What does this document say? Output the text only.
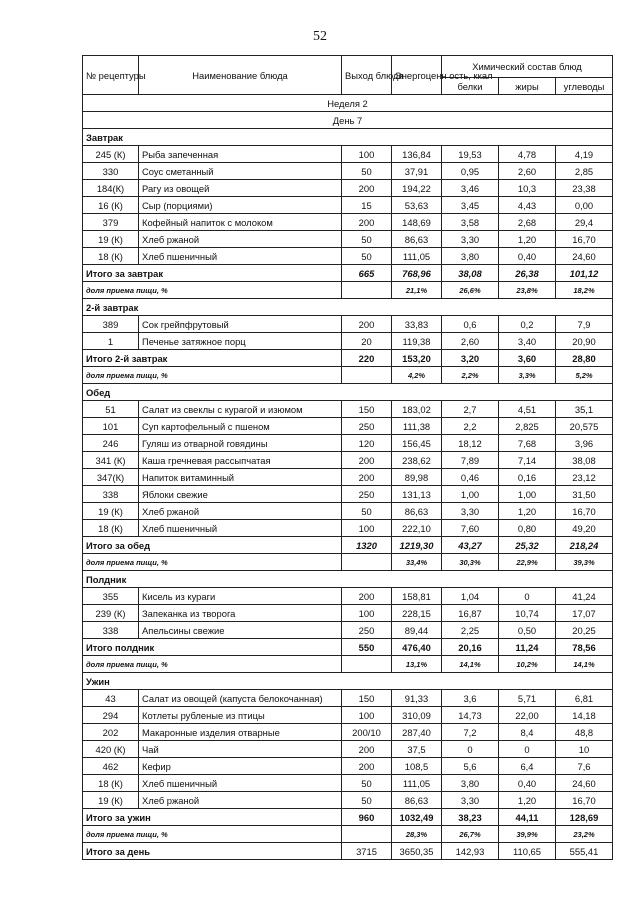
52
№ рецептуры	Наименование блюда	Выход блюда	Энергоценн ость, ккал	Химический состав блюд		
				белки	жиры	углеводы
Неделя 2						
День 7						
Завтрак						
245 (К)	Рыба запеченная	100	136,84	19,53	4,78	4,19
330	Соус сметанный	50	37,91	0,95	2,60	2,85
184(К)	Рагу из овощей	200	194,22	3,46	10,3	23,38
16 (К)	Сыр (порциями)	15	53,63	3,45	4,43	0,00
379	Кофейный напиток с молоком	200	148,69	3,58	2,68	29,4
19 (К)	Хлеб ржаной	50	86,63	3,30	1,20	16,70
18 (К)	Хлеб пшеничный	50	111,05	3,80	0,40	24,60
Итого за завтрак		665	768,96	38,08	26,38	101,12
доля приема пищи, %			21,1%	26,6%	23,8%	18,2%
2-й завтрак						
389	Сок грейпфрутовый	200	33,83	0,6	0,2	7,9
1	Печенье затяжное порц	20	119,38	2,60	3,40	20,90
Итого 2-й завтрак		220	153,20	3,20	3,60	28,80
доля приема пищи, %			4,2%	2,2%	3,3%	5,2%
Обед						
51	Салат из свеклы с курагой и изюмом	150	183,02	2,7	4,51	35,1
101	Суп картофельный с пшеном	250	111,38	2,2	2,825	20,575
246	Гуляш из отварной говядины	120	156,45	18,12	7,68	3,96
341 (К)	Каша гречневая рассыпчатая	200	238,62	7,89	7,14	38,08
347(К)	Напиток витаминный	200	89,98	0,46	0,16	23,12
338	Яблоки свежие	250	131,13	1,00	1,00	31,50
19 (К)	Хлеб ржаной	50	86,63	3,30	1,20	16,70
18 (К)	Хлеб пшеничный	100	222,10	7,60	0,80	49,20
Итого за обед		1320	1219,30	43,27	25,32	218,24
доля приема пищи, %			33,4%	30,3%	22,9%	39,3%
Полдник						
355	Кисель из кураги	200	158,81	1,04	0	41,24
239 (К)	Запеканка из творога	100	228,15	16,87	10,74	17,07
338	Апельсины свежие	250	89,44	2,25	0,50	20,25
Итого полдник		550	476,40	20,16	11,24	78,56
доля приема пищи, %			13,1%	14,1%	10,2%	14,1%
Ужин						
43	Салат из овощей (капуста белокочанная)	150	91,33	3,6	5,71	6,81
294	Котлеты рубленые из птицы	100	310,09	14,73	22,00	14,18
202	Макаронные изделия отварные	200/10	287,40	7,2	8,4	48,8
420 (К)	Чай	200	37,5	0	0	10
462	Кефир	200	108,5	5,6	6,4	7,6
18 (К)	Хлеб пшеничный	50	111,05	3,80	0,40	24,60
19 (К)	Хлеб ржаной	50	86,63	3,30	1,20	16,70
Итого за ужин		960	1032,49	38,23	44,11	128,69
доля приема пищи, %			28,3%	26,7%	39,9%	23,2%
Итого за день		3715	3650,35	142,93	110,65	555,41
